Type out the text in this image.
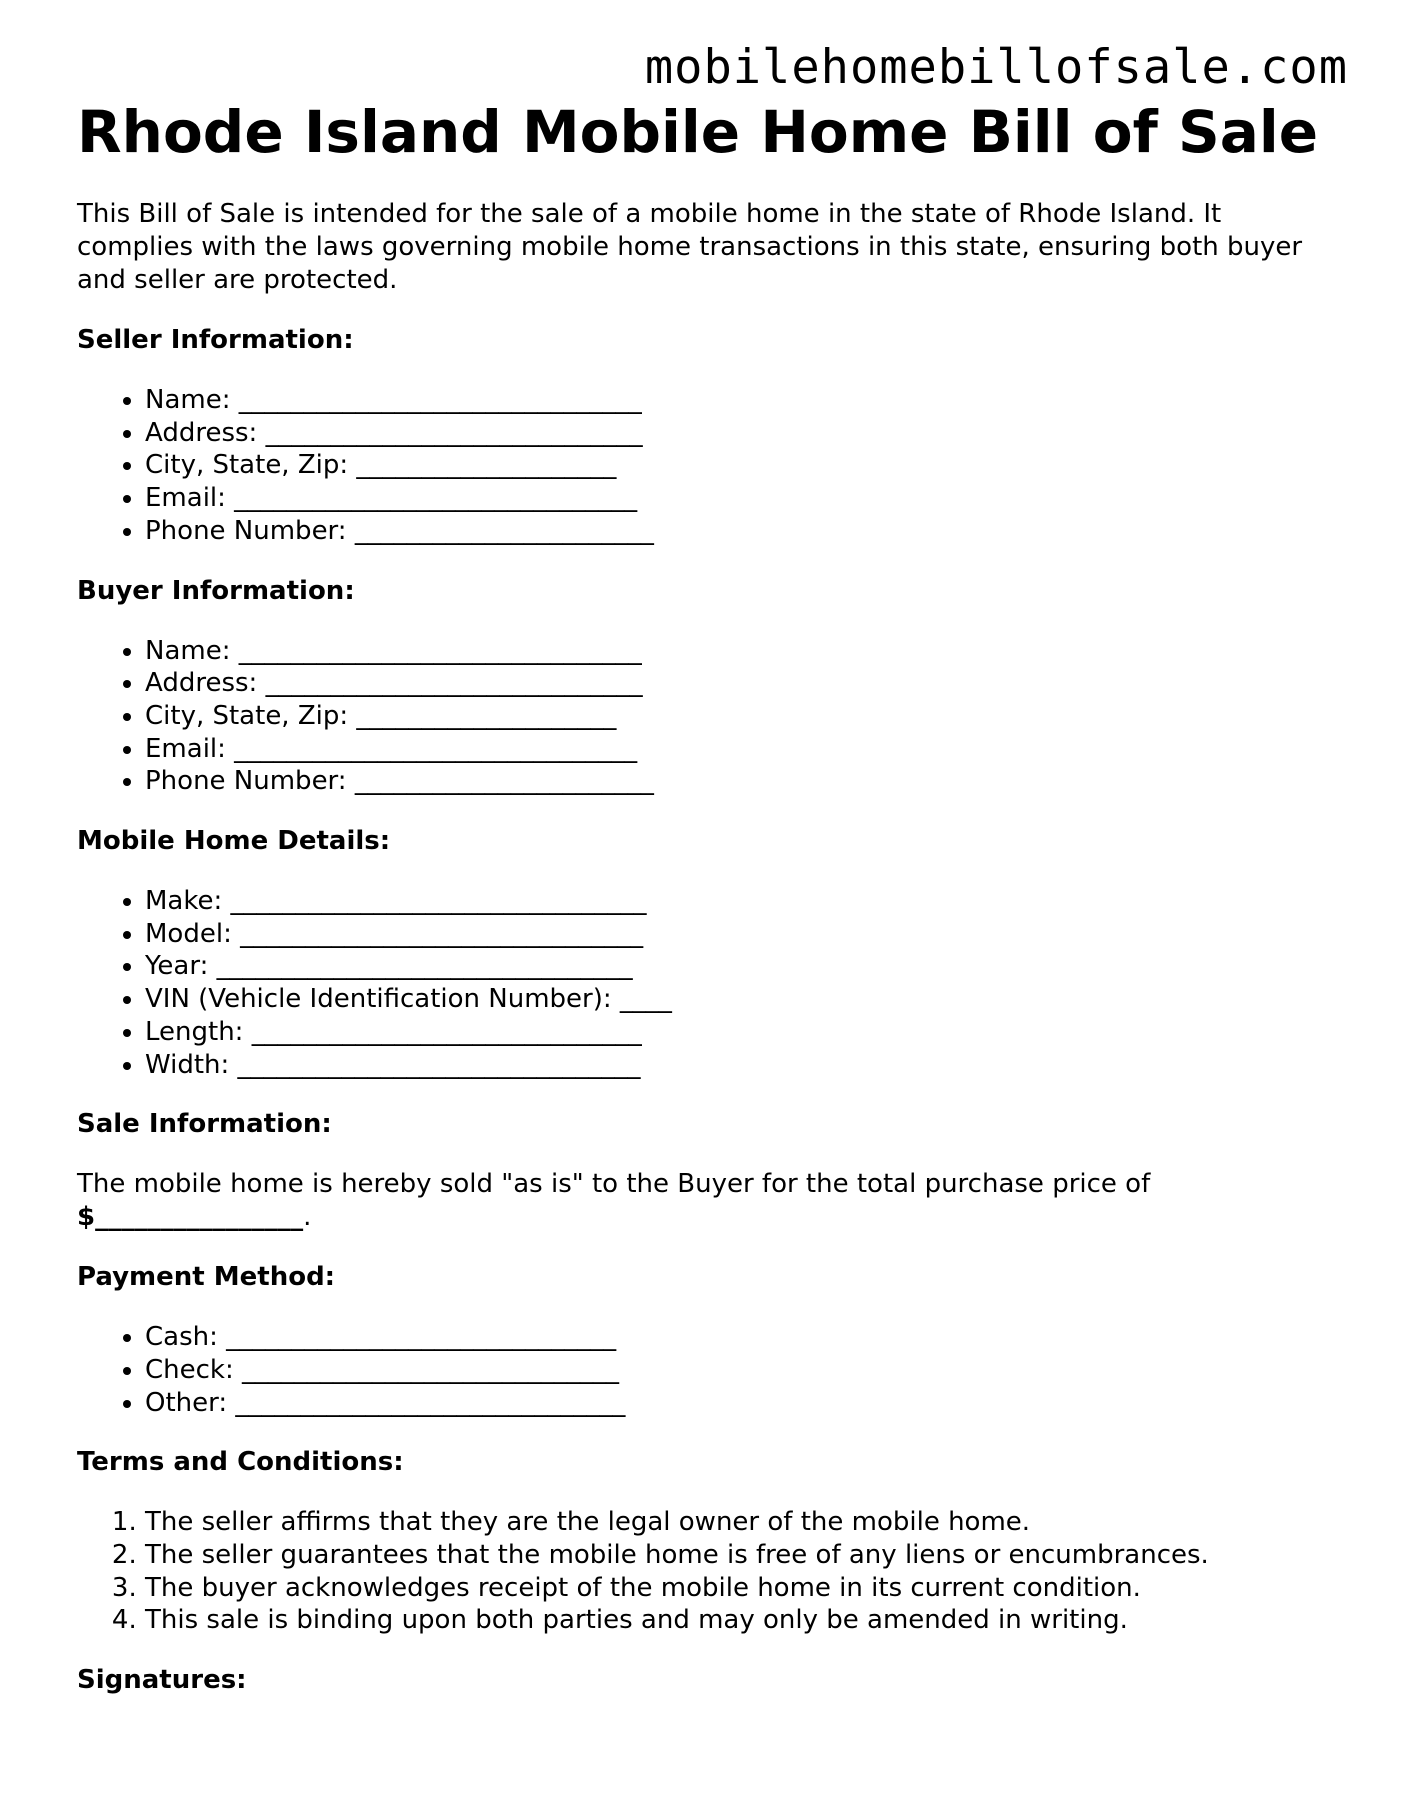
mobilehomebillofsale.com
Rhode Island Mobile Home Bill of Sale

This Bill of Sale is intended for the sale of a mobile home in the state of Rhode Island. It complies with the laws governing mobile home transactions in this state, ensuring both buyer and seller are protected.

Seller Information:
• Name: _______________________________
• Address: _____________________________
• City, State, Zip: ____________________
• Email: _______________________________
• Phone Number: _______________________
Buyer Information:
• Name: _______________________________
• Address: _____________________________
• City, State, Zip: ____________________
• Email: _______________________________
• Phone Number: _______________________
Mobile Home Details:
• Make: ________________________________
• Model: _______________________________
• Year: ________________________________
• VIN (Vehicle Identification Number): ____
• Length: ______________________________
• Width: _______________________________
Sale Information:

The mobile home is hereby sold "as is" to the Buyer for the total purchase price of
$________________.

Payment Method:
• Cash: ______________________________
• Check: _____________________________
• Other: ______________________________
Terms and Conditions:
1. The seller affirms that they are the legal owner of the mobile home.
2. The seller guarantees that the mobile home is free of any liens or encumbrances.
3. The buyer acknowledges receipt of the mobile home in its current condition.
4. This sale is binding upon both parties and may only be amended in writing.
Signatures:
